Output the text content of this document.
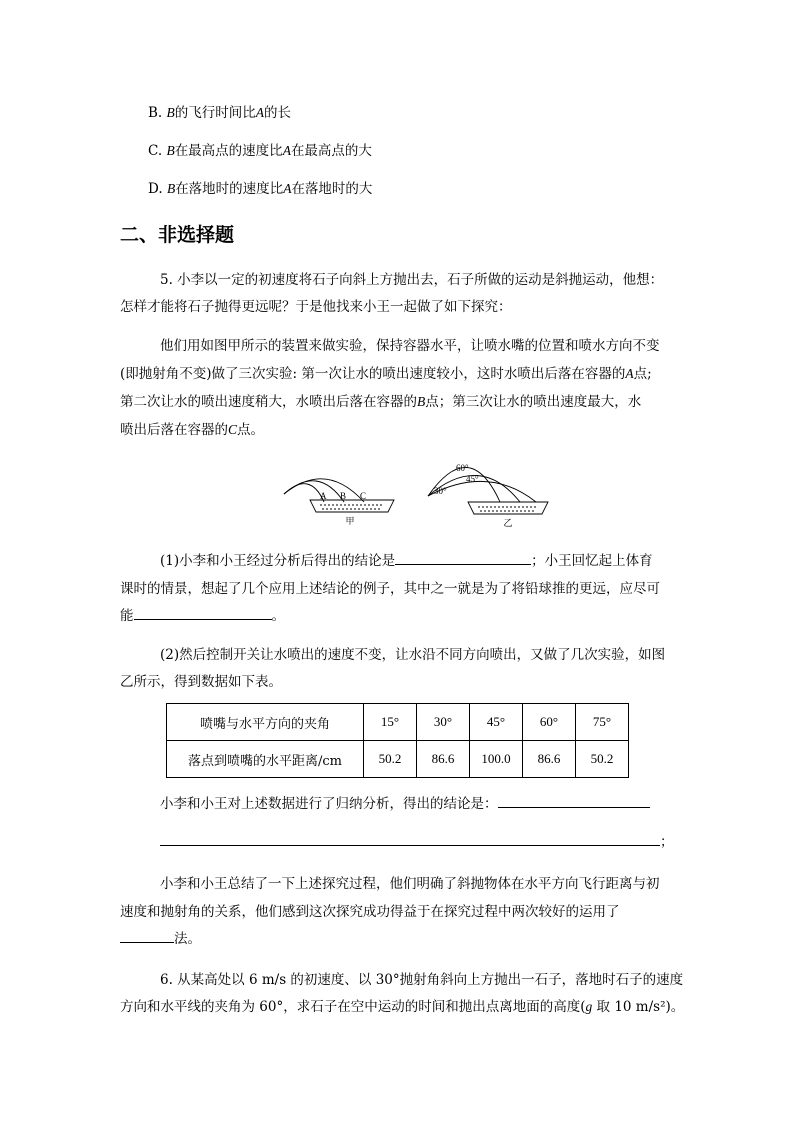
B. B的飞行时间比A的长
C. B在最高点的速度比A在最高点的大
D. B在落地时的速度比A在落地时的大
二、非选择题
5. 小李以一定的初速度将石子向斜上方抛出去，石子所做的运动是斜抛运动，他想：
怎样才能将石子抛得更远呢？于是他找来小王一起做了如下探究：
他们用如图甲所示的装置来做实验，保持容器水平，让喷水嘴的位置和喷水方向不变
(即抛射角不变)做了三次实验: 第一次让水的喷出速度较小，这时水喷出后落在容器的A点;
第二次让水的喷出速度稍大，水喷出后落在容器的B点；第三次让水的喷出速度最大，水
喷出后落在容器的C点。
A B C
甲
60°
45°
30°
乙
(1)小李和小王经过分析后得出的结论是	；小王回忆起上体育
课时的情景，想起了几个应用上述结论的例子，其中之一就是为了将铅球推的更远，应尽可
能	。
(2)然后控制开关让水喷出的速度不变，让水沿不同方向喷出，又做了几次实验，如图
乙所示，得到数据如下表。
喷嘴与水平方向的夹角	15°	30°	45°	60°	75°
落点到喷嘴的水平距离/cm	50.2	86.6	100.0	86.6	50.2
小李和小王对上述数据进行了归纳分析，得出的结论是：
；
小李和小王总结了一下上述探究过程，他们明确了斜抛物体在水平方向飞行距离与初
速度和抛射角的关系，他们感到这次探究成功得益于在探究过程中两次较好的运用了
法。
6. 从某高处以 6 m/s 的初速度、以 30°抛射角斜向上方抛出一石子，落地时石子的速度
方向和水平线的夹角为 60°，求石子在空中运动的时间和抛出点离地面的高度(g 取 10 m/s²)。
